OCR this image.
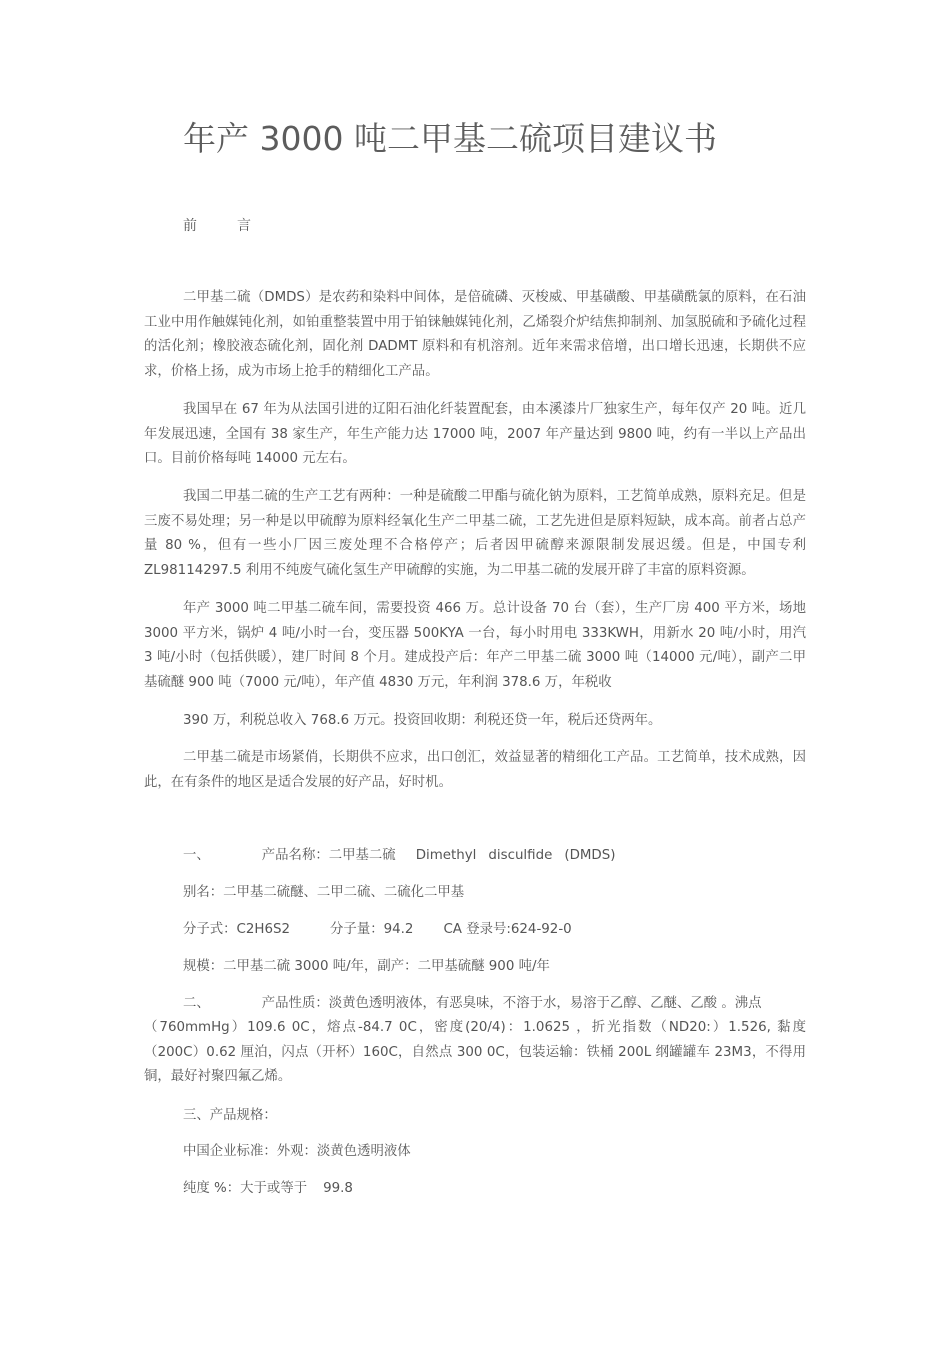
年产 3000 吨二甲基二硫项目建议书
前	言

二甲基二硫（DMDS）是农药和染料中间体，是倍硫磷、灭梭威、甲基磺酸、甲基磺酰氯的原料，在石油工业中用作触媒钝化剂，如铂重整装置中用于铂铼触媒钝化剂，乙烯裂介炉结焦抑制剂、加氢脱硫和予硫化过程的活化剂；橡胶液态硫化剂，固化剂 DADMT 原料和有机溶剂。近年来需求倍增，出口增长迅速，长期供不应求，价格上扬，成为市场上抢手的精细化工产品。

我国早在 67 年为从法国引进的辽阳石油化纤装置配套，由本溪漆片厂独家生产，每年仅产 20 吨。近几年发展迅速，全国有 38 家生产，年生产能力达 17000 吨，2007 年产量达到 9800 吨，约有一半以上产品出口。目前价格每吨 14000 元左右。

我国二甲基二硫的生产工艺有两种：一种是硫酸二甲酯与硫化钠为原料，工艺简单成熟，原料充足。但是三废不易处理；另一种是以甲硫醇为原料经氧化生产二甲基二硫，工艺先进但是原料短缺，成本高。前者占总产量 80 %，但有一些小厂因三废处理不合格停产；后者因甲硫醇来源限制发展迟缓。但是，中国专利 ZL98114297.5 利用不纯废气硫化氢生产甲硫醇的实施，为二甲基二硫的发展开辟了丰富的原料资源。

年产 3000 吨二甲基二硫车间，需要投资 466 万。总计设备 70 台（套），生产厂房 400 平方米，场地 3000 平方米，锅炉 4 吨/小时一台，变压器 500KYA 一台，每小时用电 333KWH，用新水 20 吨/小时，用汽 3 吨/小时（包括供暖），建厂时间 8 个月。建成投产后：年产二甲基二硫 3000 吨（14000 元/吨），副产二甲基硫醚 900 吨（7000 元/吨），年产值 4830 万元，年利润 378.6 万，年税收

390 万，利税总收入 768.6 万元。投资回收期：利税还贷一年，税后还贷两年。

二甲基二硫是市场紧俏，长期供不应求，出口创汇，效益显著的精细化工产品。工艺简单，技术成熟，因此，在有条件的地区是适合发展的好产品，好时机。

一、	产品名称：二甲基二硫 Dimethyl disculfide (DMDS)
别名：二甲基二硫醚、二甲二硫、二硫化二甲基
分子式：C2H6S2	分子量：94.2 CA 登录号:624-92-0
规模：二甲基二硫 3000 吨/年，副产：二甲基硫醚 900 吨/年
二、	产品性质：淡黄色透明液体，有恶臭味，不溶于水，易溶于乙醇、乙醚、乙酸 。沸点

（760mmHg）109.6 0C，熔点-84.7 0C，密度(20/4)：1.0625 ，折光指数（ND20:）1.526, 黏度（200C）0.62 厘泊，闪点（开杯）160C，自然点 300 0C，包装运输：铁桶 200L 纲罐罐车 23M3，不得用铜，最好衬聚四氟乙烯。

三、产品规格：
中国企业标准：外观：淡黄色透明液体
纯度 %：大于或等于 99.8
